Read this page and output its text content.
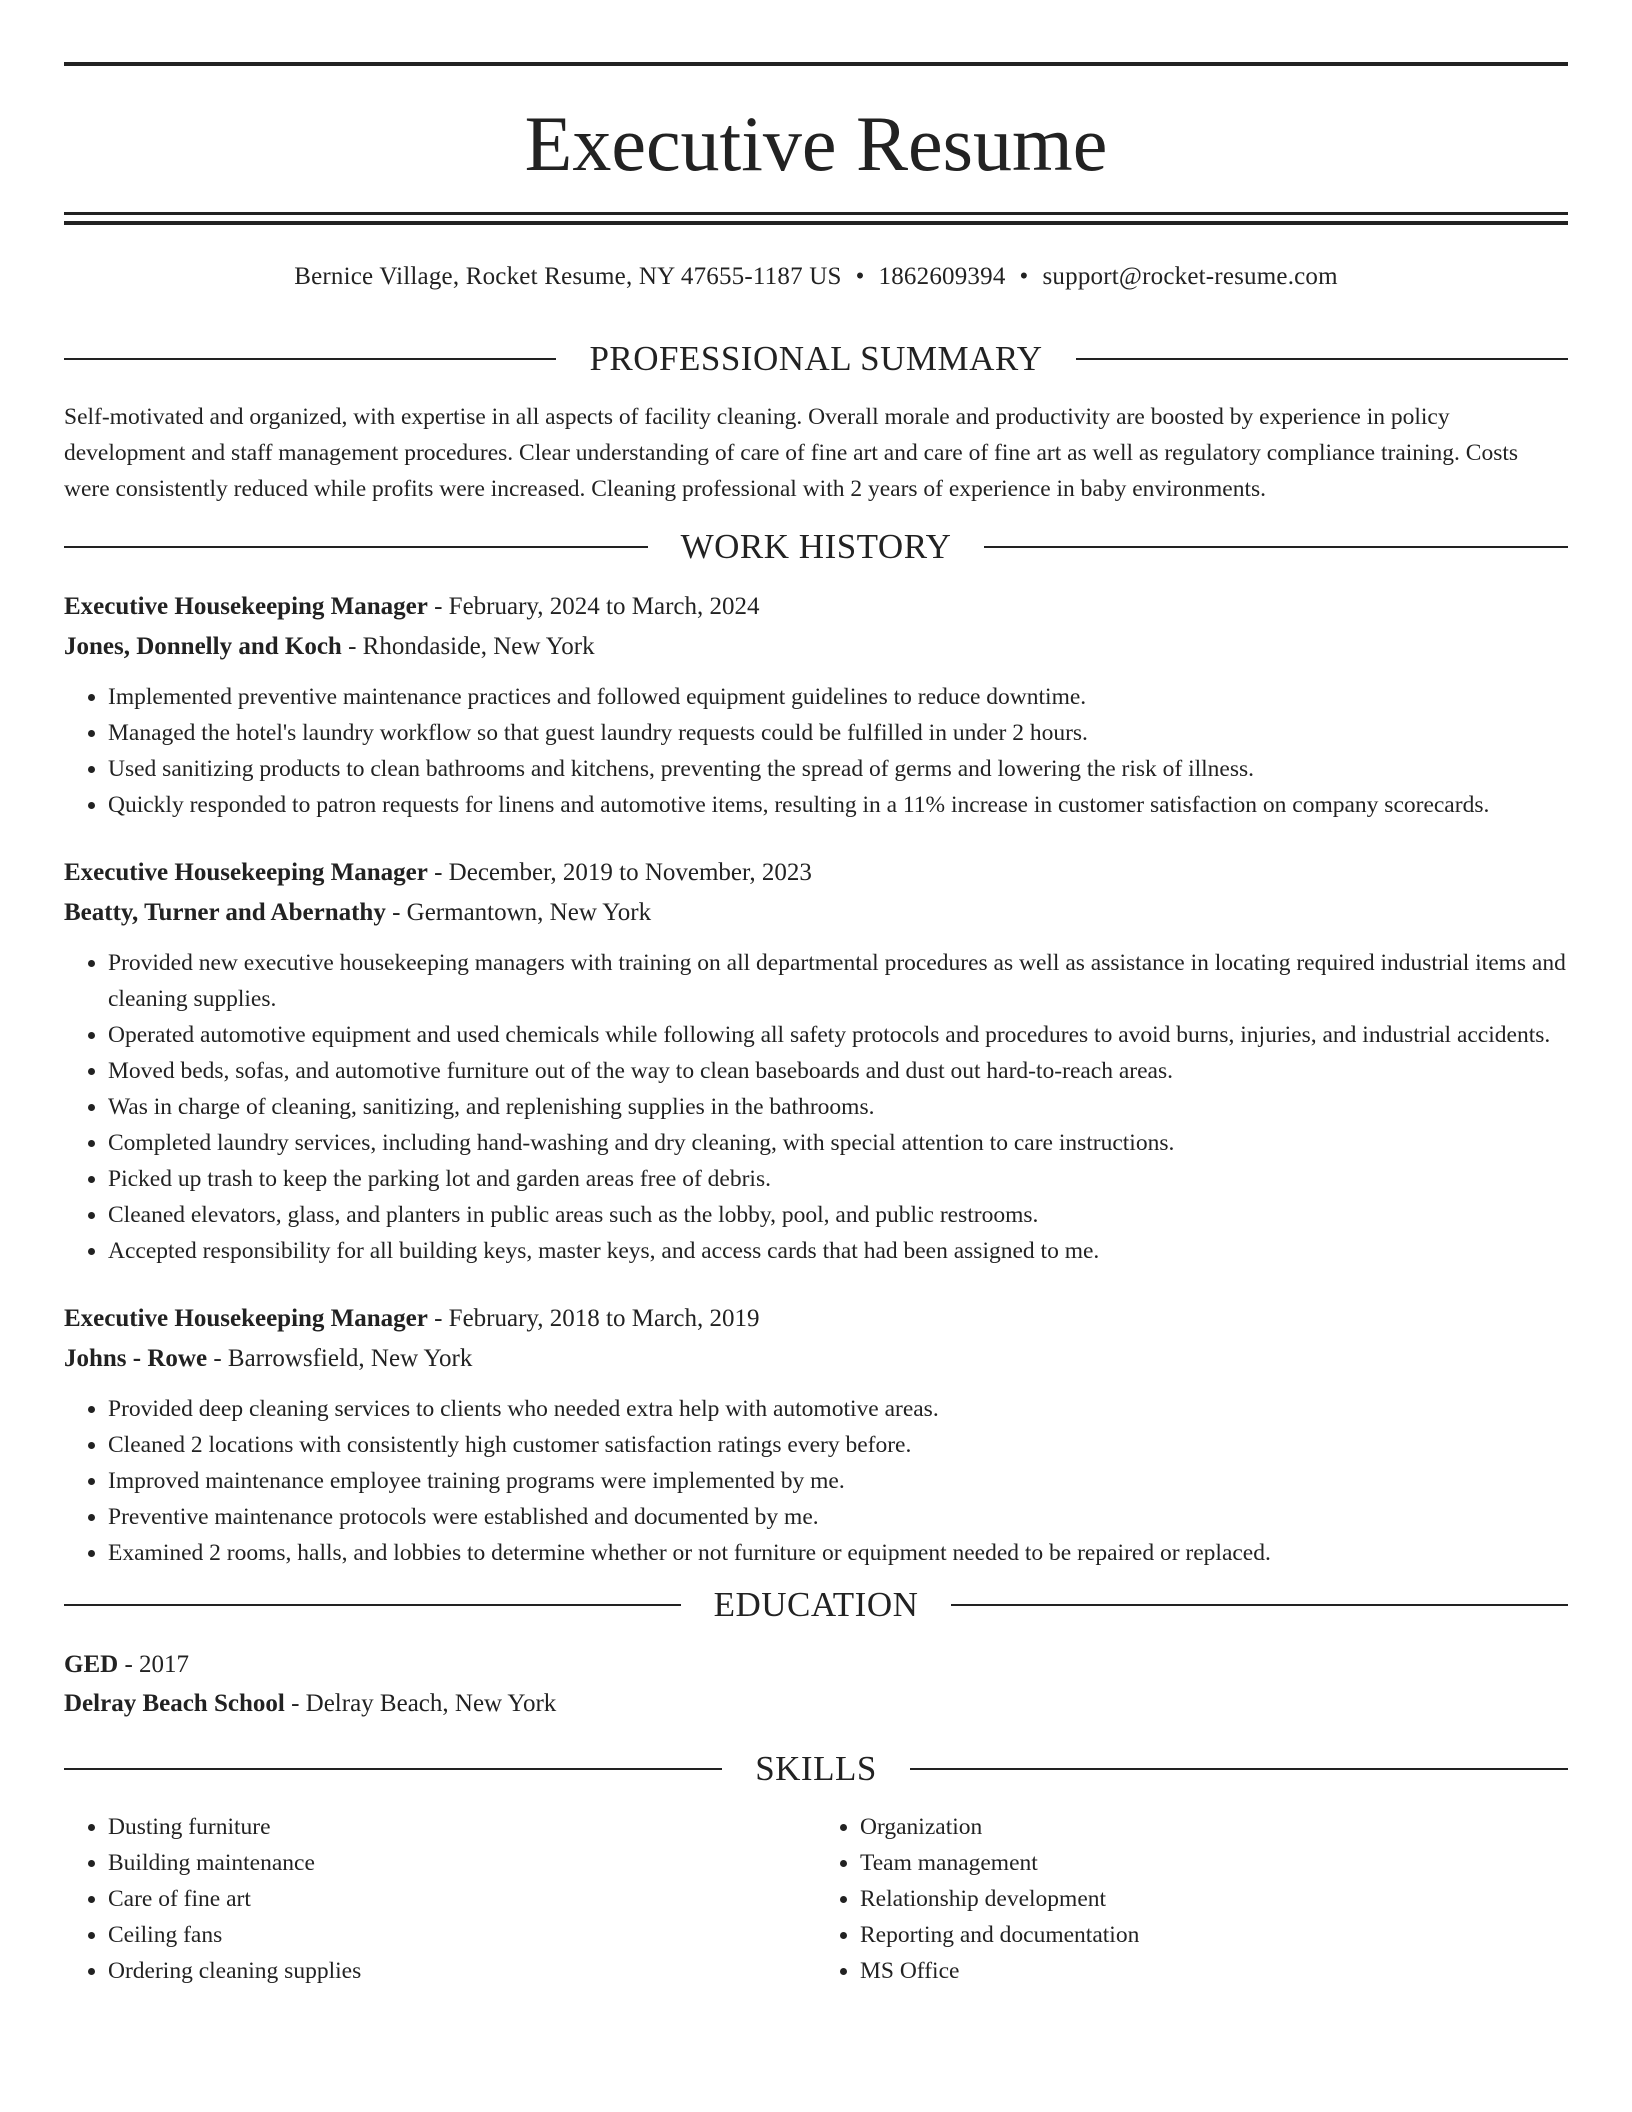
Executive Resume
Bernice Village, Rocket Resume, NY 47655-1187 US • 1862609394 • support@rocket-resume.com
PROFESSIONAL SUMMARY
Self-motivated and organized, with expertise in all aspects of facility cleaning. Overall morale and productivity are boosted by experience in policy development and staff management procedures. Clear understanding of care of fine art and care of fine art as well as regulatory compliance training. Costs were consistently reduced while profits were increased. Cleaning professional with 2 years of experience in baby environments.
WORK HISTORY
Executive Housekeeping Manager - February, 2024 to March, 2024
Jones, Donnelly and Koch - Rhondaside, New York
• Implemented preventive maintenance practices and followed equipment guidelines to reduce downtime.
• Managed the hotel's laundry workflow so that guest laundry requests could be fulfilled in under 2 hours.
• Used sanitizing products to clean bathrooms and kitchens, preventing the spread of germs and lowering the risk of illness.
• Quickly responded to patron requests for linens and automotive items, resulting in a 11% increase in customer satisfaction on company scorecards.
Executive Housekeeping Manager - December, 2019 to November, 2023
Beatty, Turner and Abernathy - Germantown, New York
• Provided new executive housekeeping managers with training on all departmental procedures as well as assistance in locating required industrial items and cleaning supplies.
• Operated automotive equipment and used chemicals while following all safety protocols and procedures to avoid burns, injuries, and industrial accidents.
• Moved beds, sofas, and automotive furniture out of the way to clean baseboards and dust out hard-to-reach areas.
• Was in charge of cleaning, sanitizing, and replenishing supplies in the bathrooms.
• Completed laundry services, including hand-washing and dry cleaning, with special attention to care instructions.
• Picked up trash to keep the parking lot and garden areas free of debris.
• Cleaned elevators, glass, and planters in public areas such as the lobby, pool, and public restrooms.
• Accepted responsibility for all building keys, master keys, and access cards that had been assigned to me.
Executive Housekeeping Manager - February, 2018 to March, 2019
Johns - Rowe - Barrowsfield, New York
• Provided deep cleaning services to clients who needed extra help with automotive areas.
• Cleaned 2 locations with consistently high customer satisfaction ratings every before.
• Improved maintenance employee training programs were implemented by me.
• Preventive maintenance protocols were established and documented by me.
• Examined 2 rooms, halls, and lobbies to determine whether or not furniture or equipment needed to be repaired or replaced.
EDUCATION
GED - 2017
Delray Beach School - Delray Beach, New York
SKILLS
• Dusting furniture
• Building maintenance
• Care of fine art
• Ceiling fans
• Ordering cleaning supplies
• Organization
• Team management
• Relationship development
• Reporting and documentation
• MS Office
